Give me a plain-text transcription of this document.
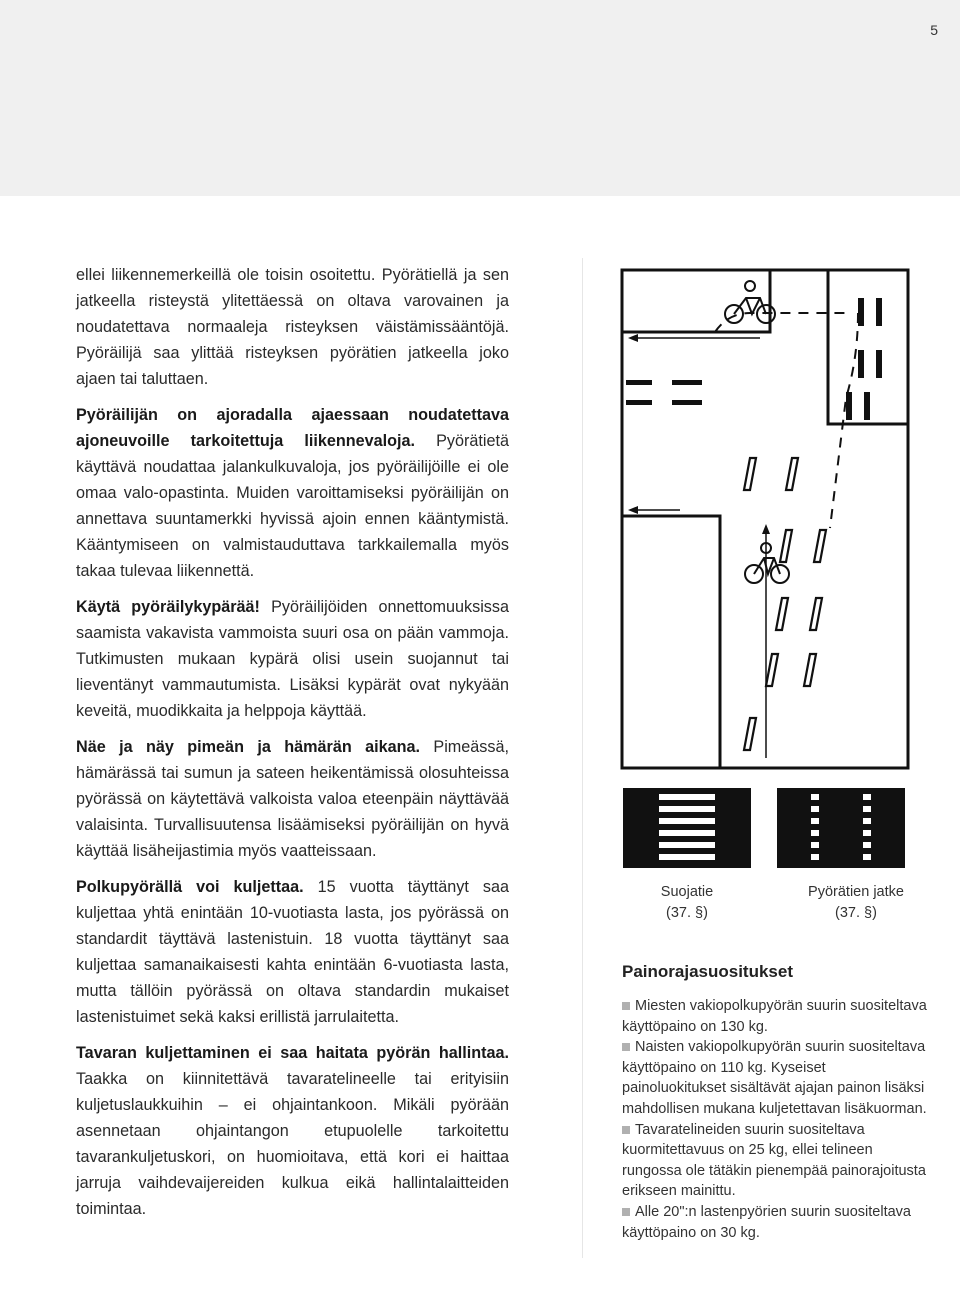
5

ellei liikennemerkeillä ole toisin osoitettu. Pyörätiellä ja sen jatkeella risteystä ylitettäessä on oltava varovainen ja noudatettava normaaleja risteyksen väistämissääntöjä. Pyöräilijä saa ylittää risteyksen pyörätien jatkeella joko ajaen tai taluttaen.

Pyöräilijän on ajoradalla ajaessaan noudatettava ajoneuvoille tarkoitettuja liikennevaloja. Pyörätietä käyttävä noudattaa jalankulkuvaloja, jos pyöräilijöille ei ole omaa valo-opastinta. Muiden varoittamiseksi pyöräilijän on annettava suuntamerkki hyvissä ajoin ennen kääntymistä. Kääntymiseen on valmistauduttava tarkkailemalla myös takaa tulevaa liikennettä.

Käytä pyöräilykypärää! Pyöräilijöiden onnettomuuksissa saamista vakavista vammoista suuri osa on pään vammoja. Tutkimusten mukaan kypärä olisi usein suojannut tai lieventänyt vammautumista. Lisäksi kypärät ovat nykyään keveitä, muodikkaita ja helppoja käyttää.

Näe ja näy pimeän ja hämärän aikana. Pimeässä, hämärässä tai sumun ja sateen heikentämissä olosuhteissa pyörässä on käytettävä valkoista valoa eteenpäin näyttävää valaisinta. Turvallisuutensa lisäämiseksi pyöräilijän on hyvä käyttää lisäheijastimia myös vaatteissaan.

Polkupyörällä voi kuljettaa. 15 vuotta täyttänyt saa kuljettaa yhtä enintään 10-vuotiasta lasta, jos pyörässä on standardit täyttävä lastenistuin. 18 vuotta täyttänyt saa kuljettaa samanaikaisesti kahta enintään 6-vuotiasta lasta, mutta tällöin pyörässä on oltava standardin mukaiset lastenistuimet sekä kaksi erillistä jarrulaitetta.

Tavaran kuljettaminen ei saa haitata pyörän hallintaa. Taakka on kiinnitettävä tavaratelineelle tai erityisiin kuljetuslaukkuihin – ei ohjaintankoon. Mikäli pyörään asennetaan ohjaintangon etupuolelle tarkoitettu tavarankuljetuskori, on huomioitava, että kori ei haittaa jarruja vaihdevaijereiden kulkua eikä hallintalaitteiden toimintaa.

Suojatie
(37. §)
Pyörätien jatke
(37. §)
Painorajasuositukset

Miesten vakiopolkupyörän suurin suositeltava käyttöpaino on 130 kg.

Naisten vakiopolkupyörän suurin suositeltava käyttöpaino on 110 kg. Kyseiset painoluokitukset sisältävät ajajan painon lisäksi mahdollisen mukana kuljetettavan lisäkuorman.

Tavaratelineiden suurin suositeltava kuormitettavuus on 25 kg, ellei telineen rungossa ole tätäkin pienempää painorajoitusta erikseen mainittu.

Alle 20":n lastenpyörien suurin suositeltava käyttöpaino on 30 kg.
